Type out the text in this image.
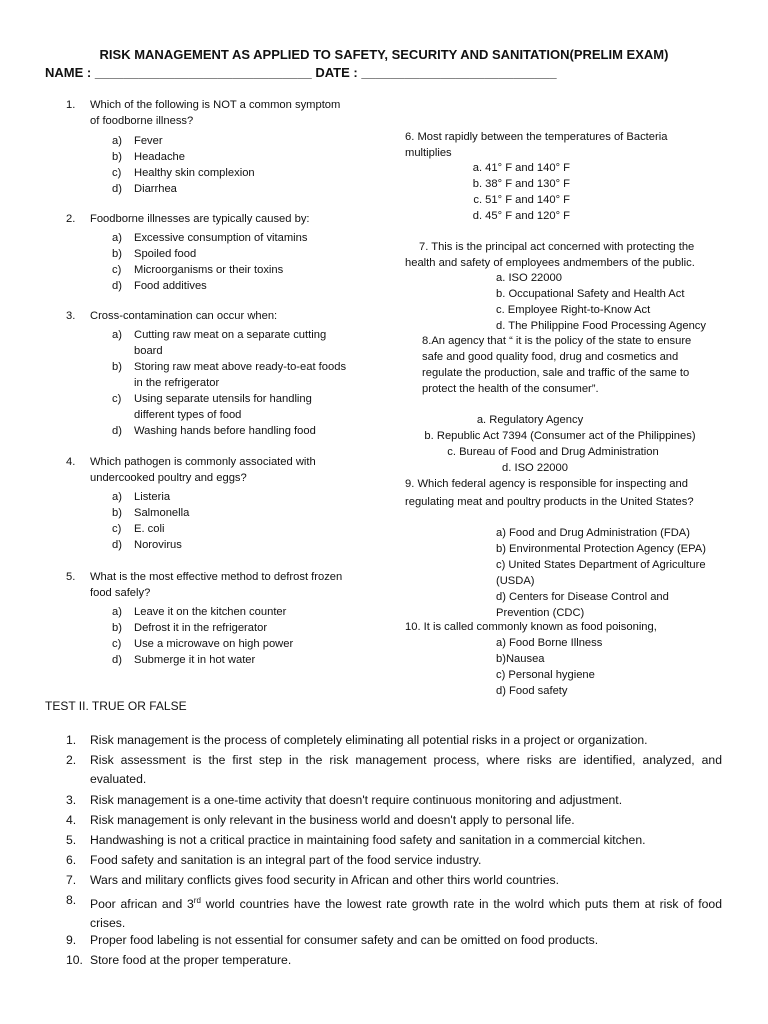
RISK MANAGEMENT AS APPLIED TO SAFETY, SECURITY AND SANITATION(PRELIM EXAM)
NAME : ______________________________ DATE : ___________________________
1. Which of the following is NOT a common symptom
of foodborne illness?
a) Fever
b) Headache
c) Healthy skin complexion
d) Diarrhea
2. Foodborne illnesses are typically caused by:
a) Excessive consumption of vitamins
b) Spoiled food
c) Microorganisms or their toxins
d) Food additives
3. Cross-contamination can occur when:
a) Cutting raw meat on a separate cutting
board
b) Storing raw meat above ready-to-eat foods
in the refrigerator
c) Using separate utensils for handling
different types of food
d) Washing hands before handling food
4. Which pathogen is commonly associated with
undercooked poultry and eggs?
a) Listeria
b) Salmonella
c) E. coli
d) Norovirus
5. What is the most effective method to defrost frozen
food safely?
a) Leave it on the kitchen counter
b) Defrost it in the refrigerator
c) Use a microwave on high power
d) Submerge it in hot water
6. Most rapidly between the temperatures of Bacteria
multiplies
a. 41° F and 140° F
b. 38° F and 130° F
c. 51° F and 140° F
d. 45° F and 120° F
7. This is the principal act concerned with protecting the
health and safety of employees andmembers of the public.
a. ISO 22000
b. Occupational Safety and Health Act
c. Employee Right-to-Know Act
d. The Philippine Food Processing Agency
8.An agency that “ it is the policy of the state to ensure
safe and good quality food, drug and cosmetics and
regulate the production, sale and traffic of the same to
protect the health of the consumer”.
a. Regulatory Agency
b. Republic Act 7394 (Consumer act of the Philippines)
c. Bureau of Food and Drug Administration
d. ISO 22000
9. Which federal agency is responsible for inspecting and
regulating meat and poultry products in the United States?
a) Food and Drug Administration (FDA)
b) Environmental Protection Agency (EPA)
c) United States Department of Agriculture
(USDA)
d) Centers for Disease Control and
Prevention (CDC)
10. It is called commonly known as food poisoning,
a) Food Borne Illness
b)Nausea
c) Personal hygiene
d) Food safety
TEST II. TRUE OR FALSE
1.	Risk management is the process of completely eliminating all potential risks in a project or organization.
2.	Risk assessment is the first step in the risk management process, where risks are identified, analyzed, and evaluated.
3.	Risk management is a one-time activity that doesn't require continuous monitoring and adjustment.
4.	Risk management is only relevant in the business world and doesn't apply to personal life.
5.	Handwashing is not a critical practice in maintaining food safety and sanitation in a commercial kitchen.
6.	Food safety and sanitation is an integral part of the food service industry.
7.	Wars and military conflicts gives food security in African and other thirs world countries.
8.	Poor african and 3rd world countries have the lowest rate growth rate in the wolrd which puts them at risk of food crises.
9.	Proper food labeling is not essential for consumer safety and can be omitted on food products.
10. Store food at the proper temperature.
